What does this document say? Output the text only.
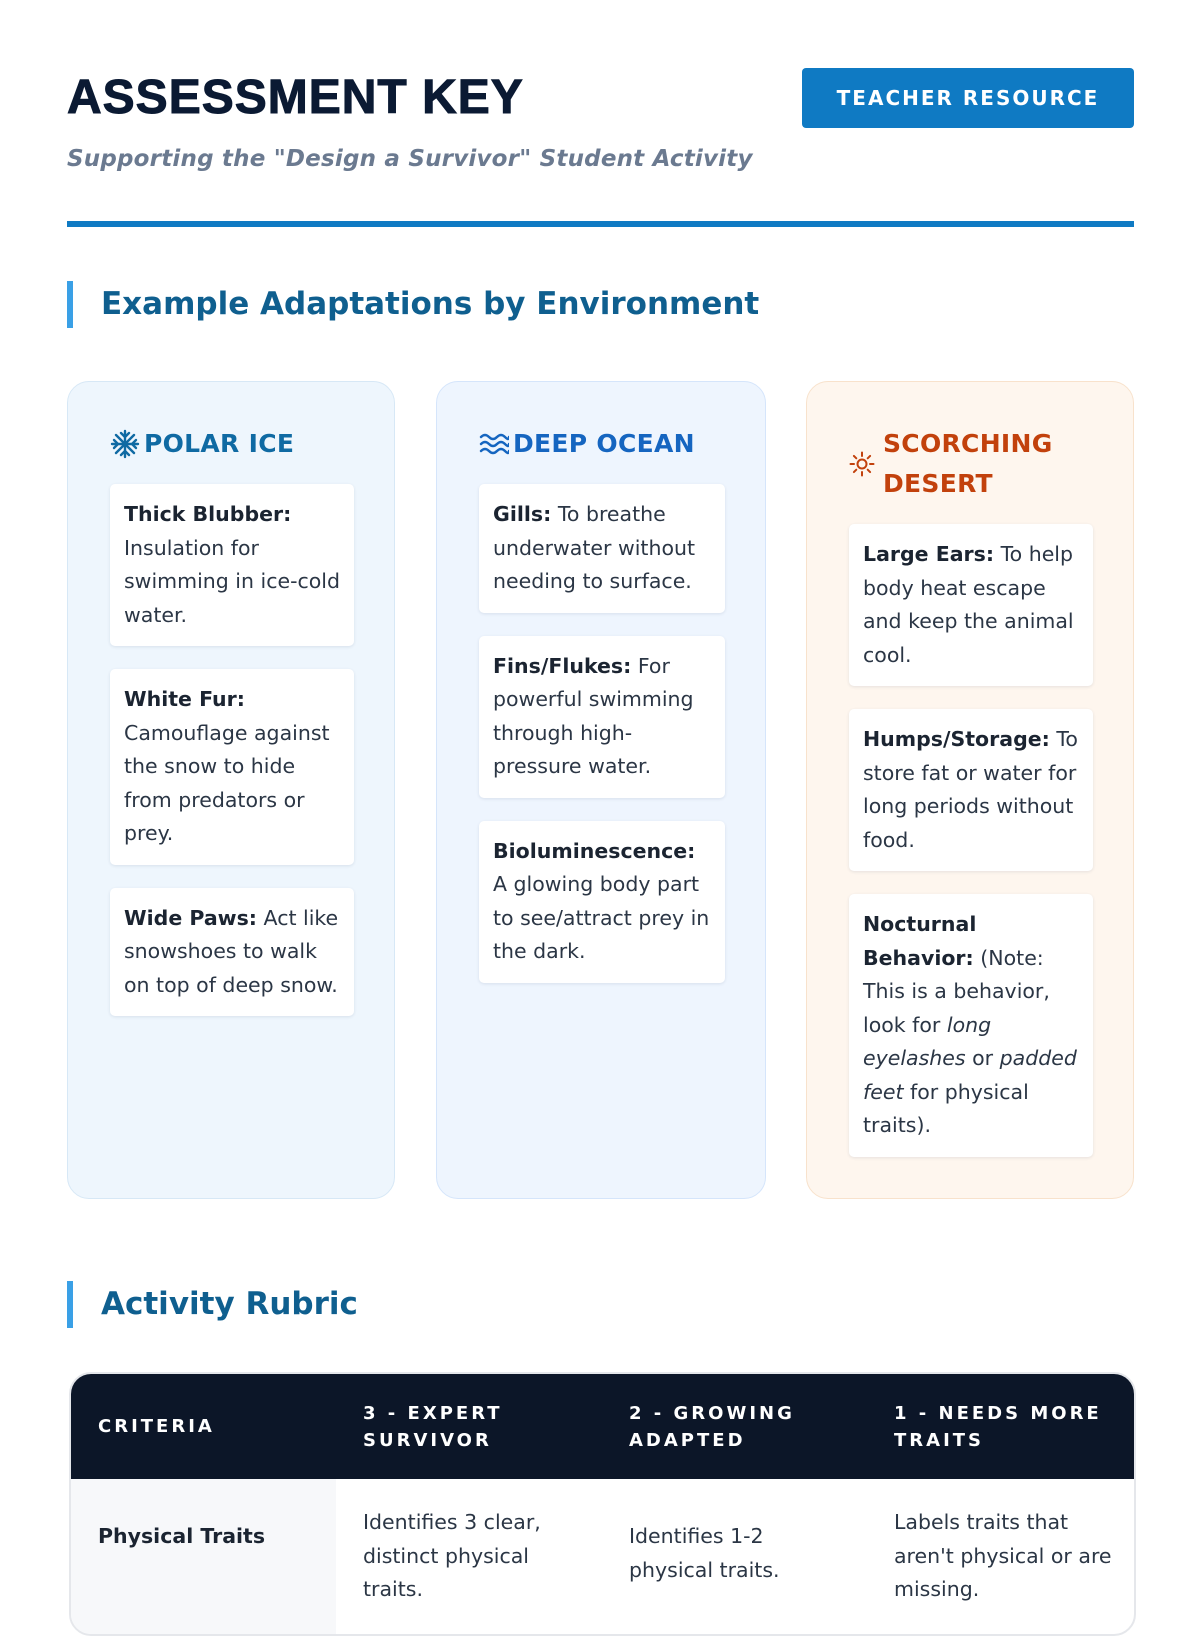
ASSESSMENT KEY
Supporting the "Design a Survivor" Student Activity
TEACHER RESOURCE
Example Adaptations by Environment
POLAR ICE
Thick Blubber: Insulation for swimming in ice-cold water.
White Fur: Camouflage against the snow to hide from predators or prey.
Wide Paws: Act like snowshoes to walk on top of deep snow.
DEEP OCEAN
Gills: To breathe underwater without needing to surface.
Fins/Flukes: For powerful swimming through high-pressure water.
Bioluminescence: A glowing body part to see/attract prey in the dark.
SCORCHING DESERT
Large Ears: To help body heat escape and keep the animal cool.
Humps/Storage: To store fat or water for long periods without food.
Nocturnal Behavior: (Note: This is a behavior, look for long eyelashes or padded feet for physical traits).
Activity Rubric
CRITERIA
3 - EXPERT SURVIVOR
2 - GROWING ADAPTED
1 - NEEDS MORE TRAITS
Physical Traits
Identifies 3 clear, distinct physical traits.
Identifies 1-2 physical traits.
Labels traits that aren't physical or are missing.
